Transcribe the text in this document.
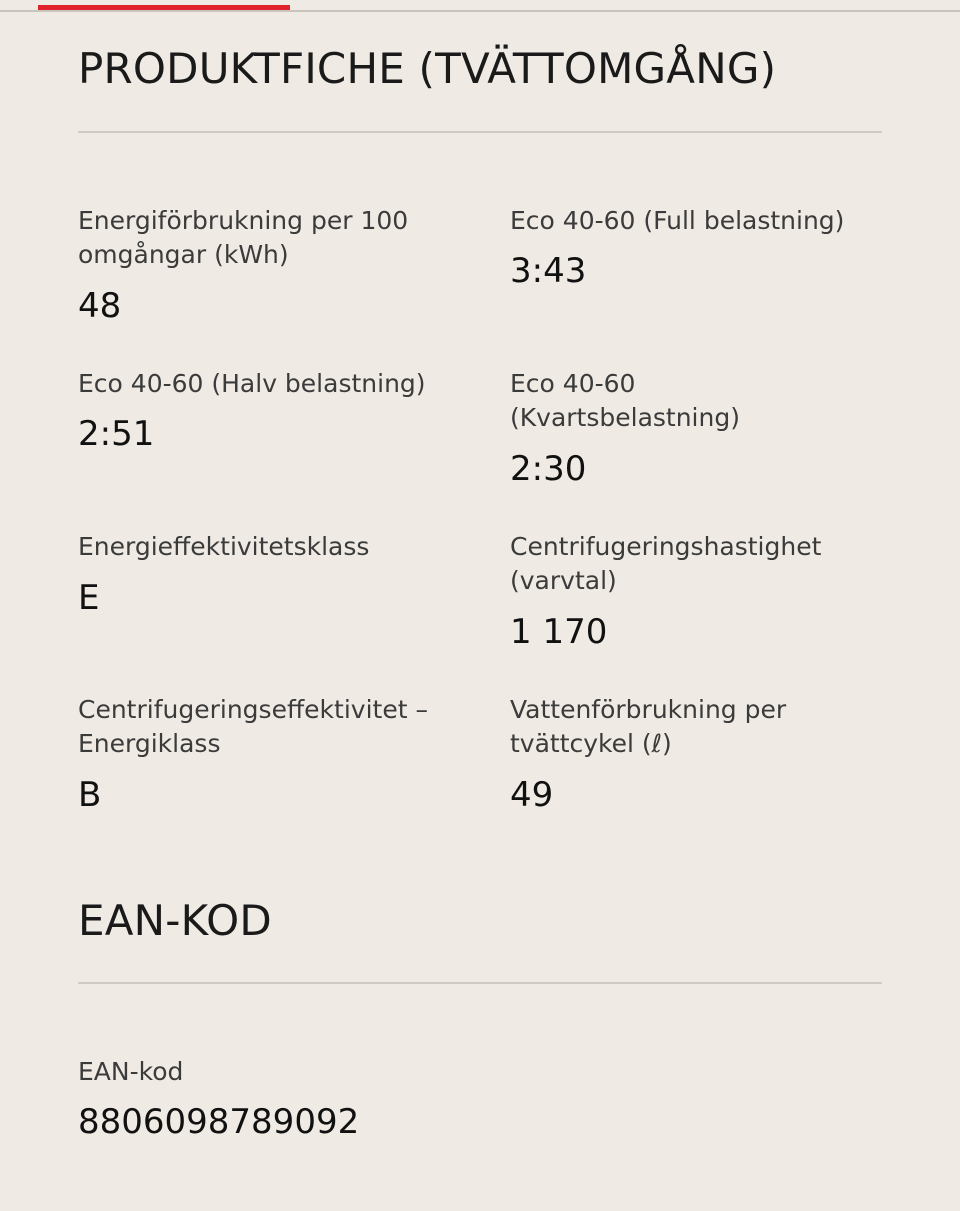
PRODUKTFICHE (TVÄTTOMGÅNG)
Energiförbrukning per 100 omgångar (kWh)
48
Eco 40-60 (Full belastning)
3:43
Eco 40-60 (Halv belastning)
2:51
Eco 40-60 (Kvartsbelastning)
2:30
Energieffektivitetsklass
E
Centrifugeringshastighet (varvtal)
1 170
Centrifugeringseffektivitet – Energiklass
B
Vattenförbrukning per tvättcykel (ℓ)
49
EAN-KOD
EAN-kod
8806098789092
